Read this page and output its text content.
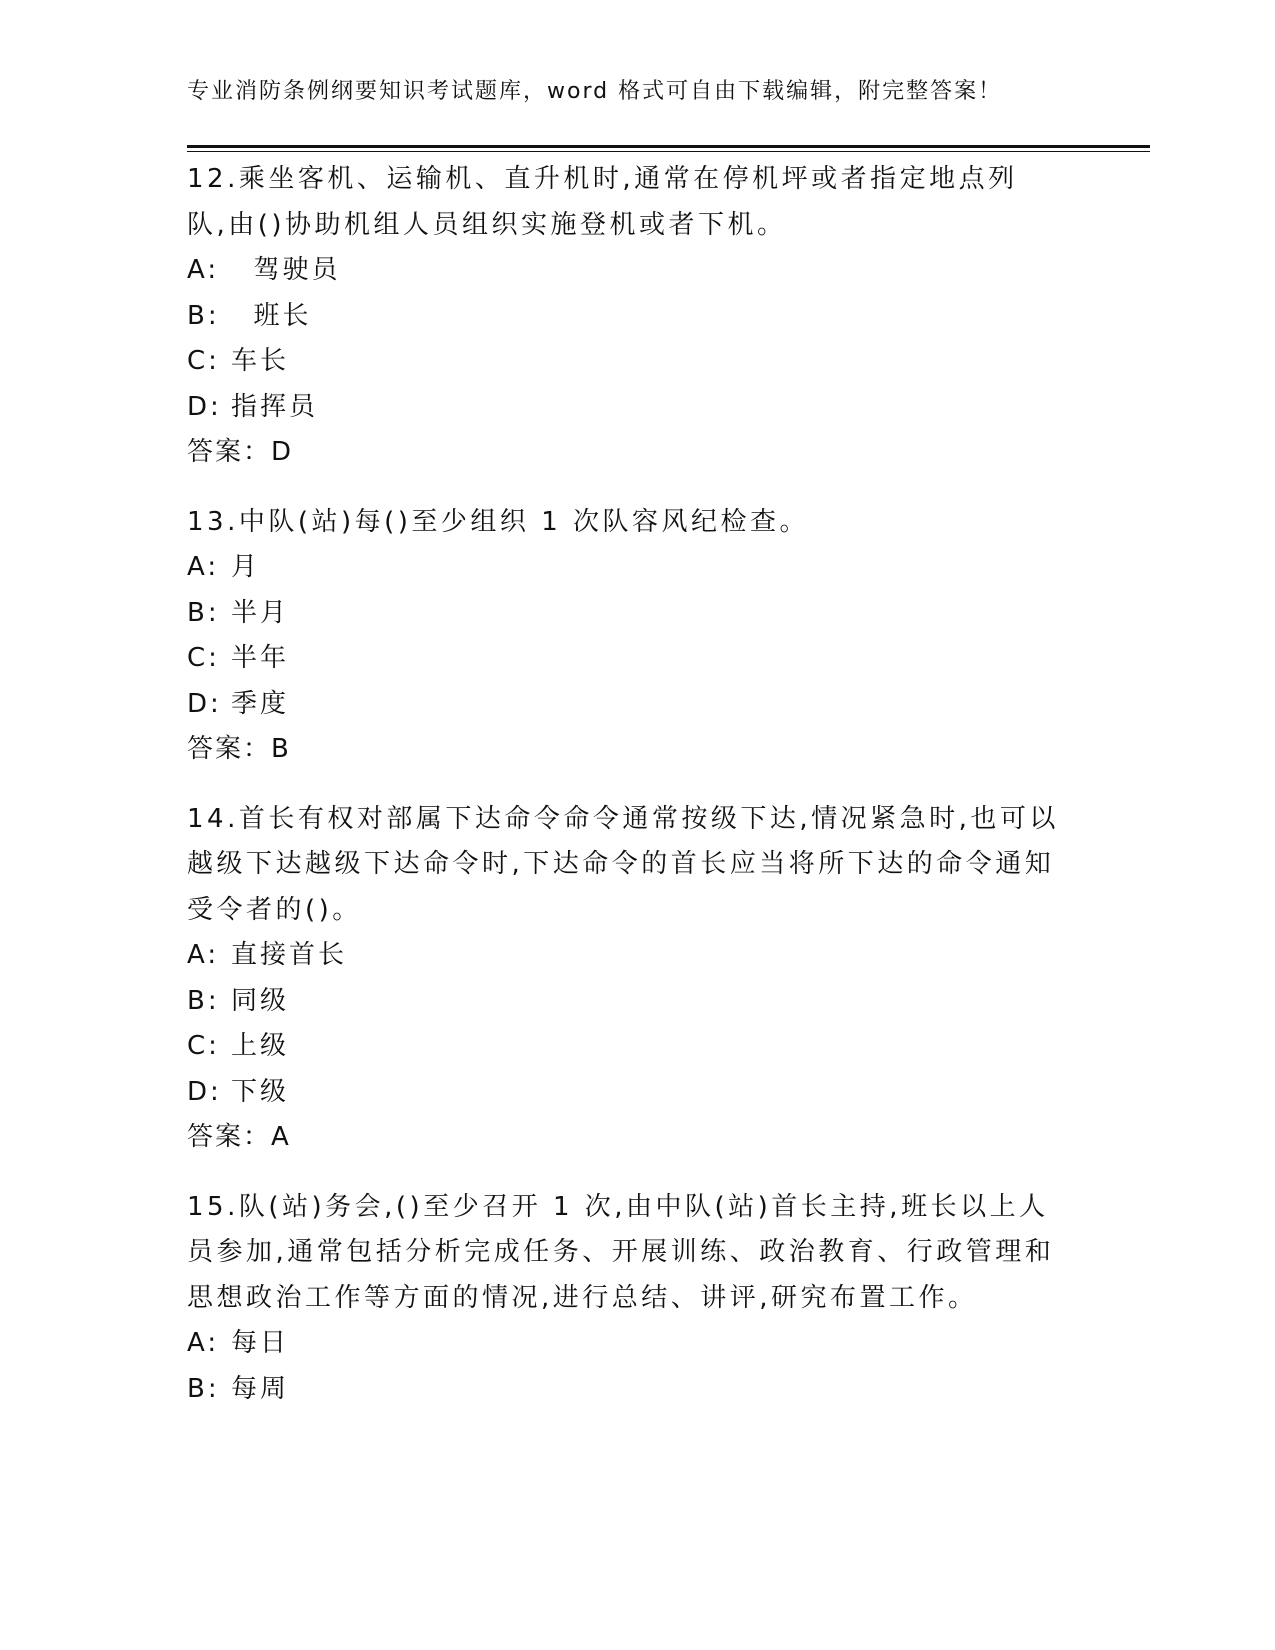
专业消防条例纲要知识考试题库，word 格式可自由下载编辑，附完整答案！

12.乘坐客机、运输机、直升机时,通常在停机坪或者指定地点列队,由()协助机组人员组织实施登机或者下机。

A:  驾驶员

B:  班长

C: 车长

D: 指挥员

答案：D

13.中队(站)每()至少组织 1 次队容风纪检查。

A: 月

B: 半月

C: 半年

D: 季度

答案：B

14.首长有权对部属下达命令命令通常按级下达,情况紧急时,也可以越级下达越级下达命令时,下达命令的首长应当将所下达的命令通知受令者的()。

A: 直接首长

B: 同级

C: 上级

D: 下级

答案：A

15.队(站)务会,()至少召开 1 次,由中队(站)首长主持,班长以上人 员参加,通常包括分析完成任务、开展训练、政治教育、行政管理和思想政治工作等方面的情况,进行总结、讲评,研究布置工作。

A: 每日

B: 每周
